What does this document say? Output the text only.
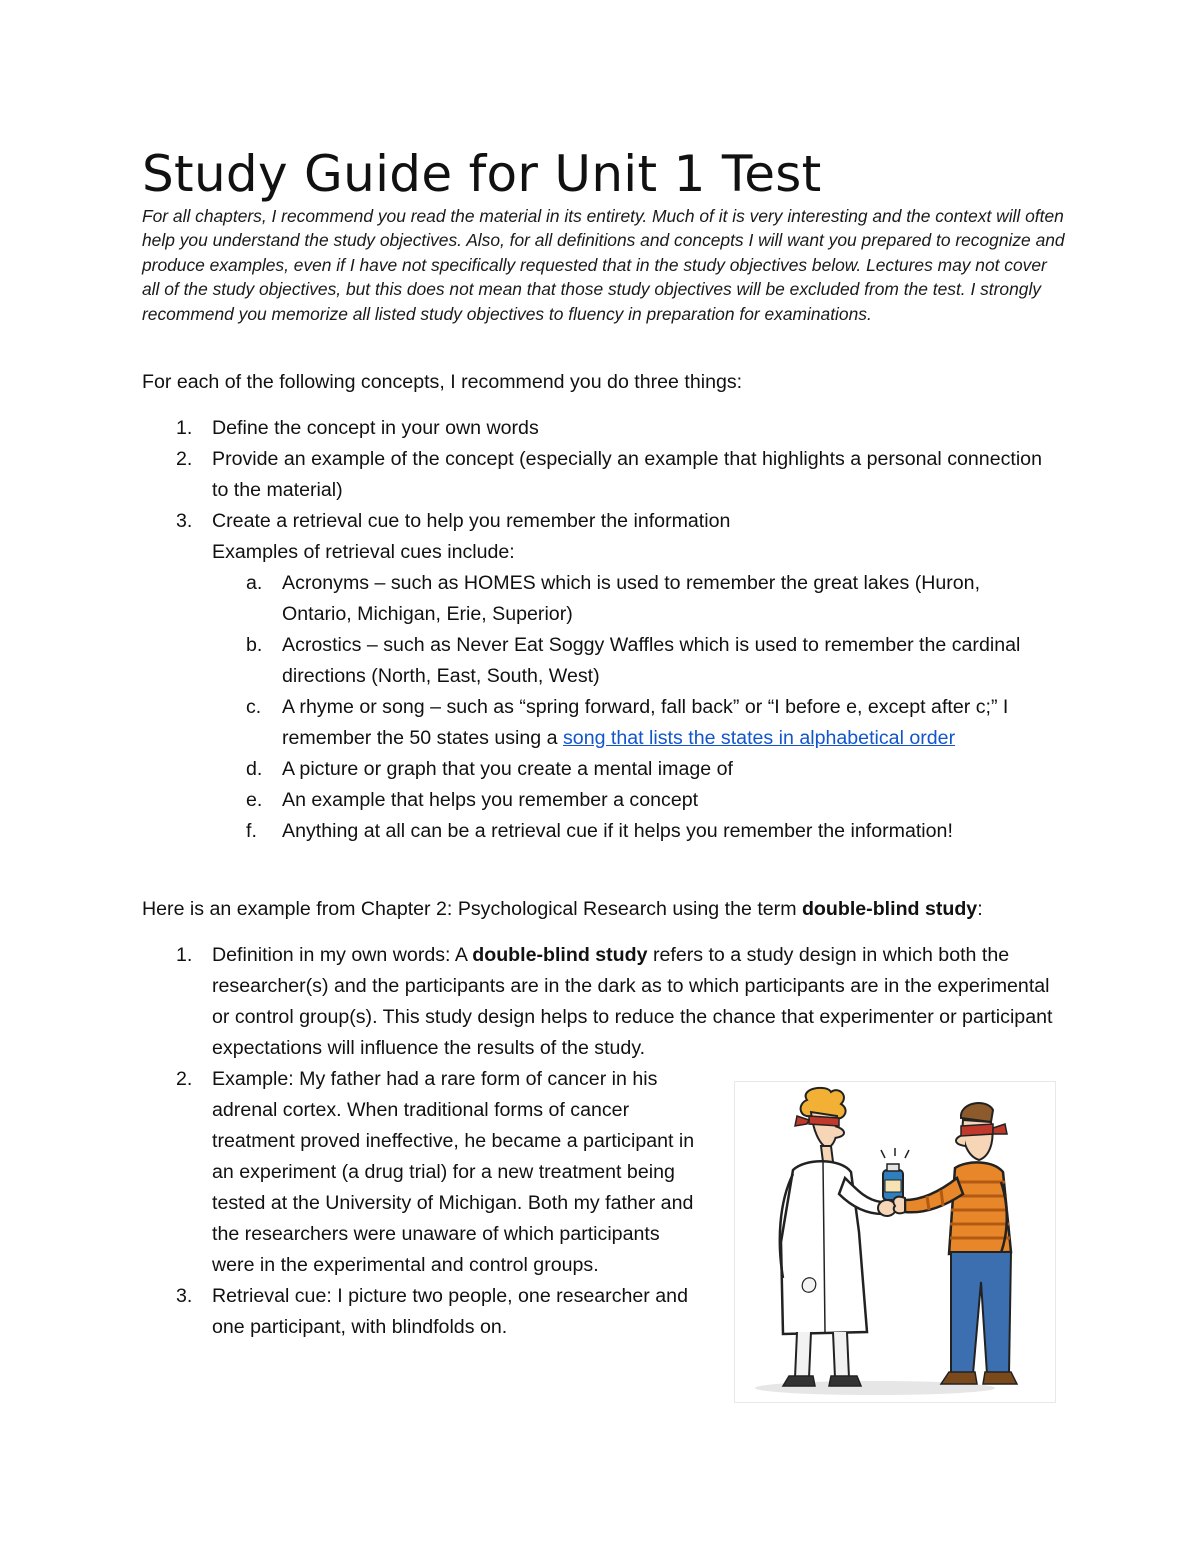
Study Guide for Unit 1 Test

For all chapters, I recommend you read the material in its entirety. Much of it is very interesting and the context will often help you understand the study objectives. Also, for all definitions and concepts I will want you prepared to recognize and produce examples, even if I have not specifically requested that in the study objectives below. Lectures may not cover all of the study objectives, but this does not mean that those study objectives will be excluded from the test. I strongly recommend you memorize all listed study objectives to fluency in preparation for examinations.

For each of the following concepts, I recommend you do three things:

1. Define the concept in your own words
2. Provide an example of the concept (especially an example that highlights a personal connection to the material)
3. Create a retrieval cue to help you remember the information
Examples of retrieval cues include:
a. Acronyms – such as HOMES which is used to remember the great lakes (Huron, Ontario, Michigan, Erie, Superior)
b. Acrostics – such as Never Eat Soggy Waffles which is used to remember the cardinal directions (North, East, South, West)
c. A rhyme or song – such as “spring forward, fall back” or “I before e, except after c;” I remember the 50 states using a song that lists the states in alphabetical order
d. A picture or graph that you create a mental image of
e. An example that helps you remember a concept
f. Anything at all can be a retrieval cue if it helps you remember the information!

Here is an example from Chapter 2: Psychological Research using the term double-blind study:

1. Definition in my own words: A double-blind study refers to a study design in which both the researcher(s) and the participants are in the dark as to which participants are in the experimental or control group(s). This study design helps to reduce the chance that experimenter or participant expectations will influence the results of the study.
2. Example: My father had a rare form of cancer in his adrenal cortex. When traditional forms of cancer treatment proved ineffective, he became a participant in an experiment (a drug trial) for a new treatment being tested at the University of Michigan. Both my father and the researchers were unaware of which participants were in the experimental and control groups.
3. Retrieval cue: I picture two people, one researcher and one participant, with blindfolds on.
